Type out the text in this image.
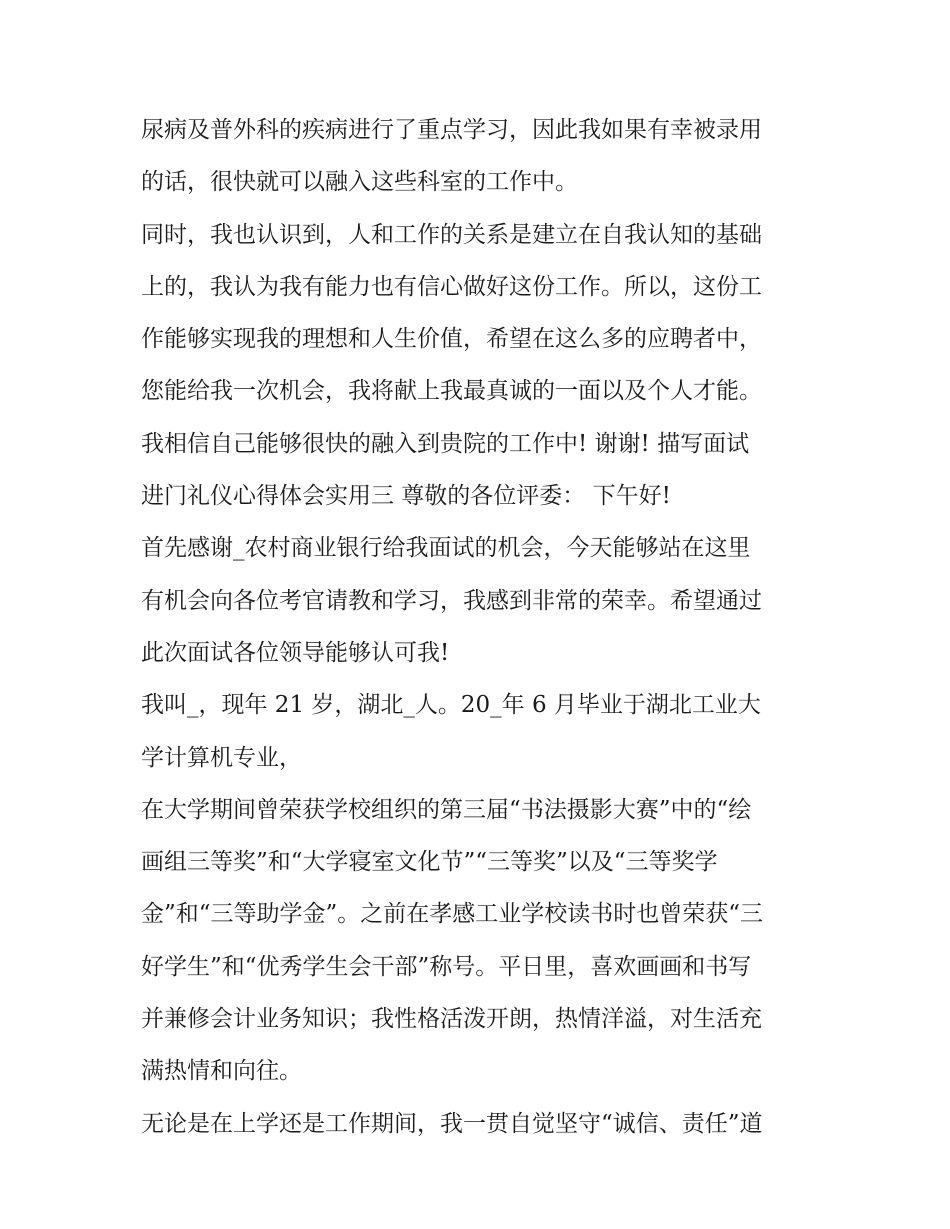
尿病及普外科的疾病进行了重点学习，因此我如果有幸被录用
的话，很快就可以融入这些科室的工作中。
同时，我也认识到，人和工作的关系是建立在自我认知的基础
上的，我认为我有能力也有信心做好这份工作。所以，这份工
作能够实现我的理想和人生价值，希望在这么多的应聘者中，
您能给我一次机会，我将献上我最真诚的一面以及个人才能。
我相信自己能够很快的融入到贵院的工作中! 谢谢! 描写面试
进门礼仪心得体会实用三 尊敬的各位评委： 下午好!
首先感谢_农村商业银行给我面试的机会，今天能够站在这里
有机会向各位考官请教和学习，我感到非常的荣幸。希望通过
此次面试各位领导能够认可我!
我叫_，现年 21 岁，湖北_人。20_年 6 月毕业于湖北工业大
学计算机专业，
在大学期间曾荣获学校组织的第三届“书法摄影大赛”中的“绘
画组三等奖”和“大学寝室文化节”“三等奖”以及“三等奖学
金”和“三等助学金”。之前在孝感工业学校读书时也曾荣获“三
好学生”和“优秀学生会干部”称号。平日里，喜欢画画和书写
并兼修会计业务知识；我性格活泼开朗，热情洋溢，对生活充
满热情和向往。
无论是在上学还是工作期间，我一贯自觉坚守“诚信、责任”道
